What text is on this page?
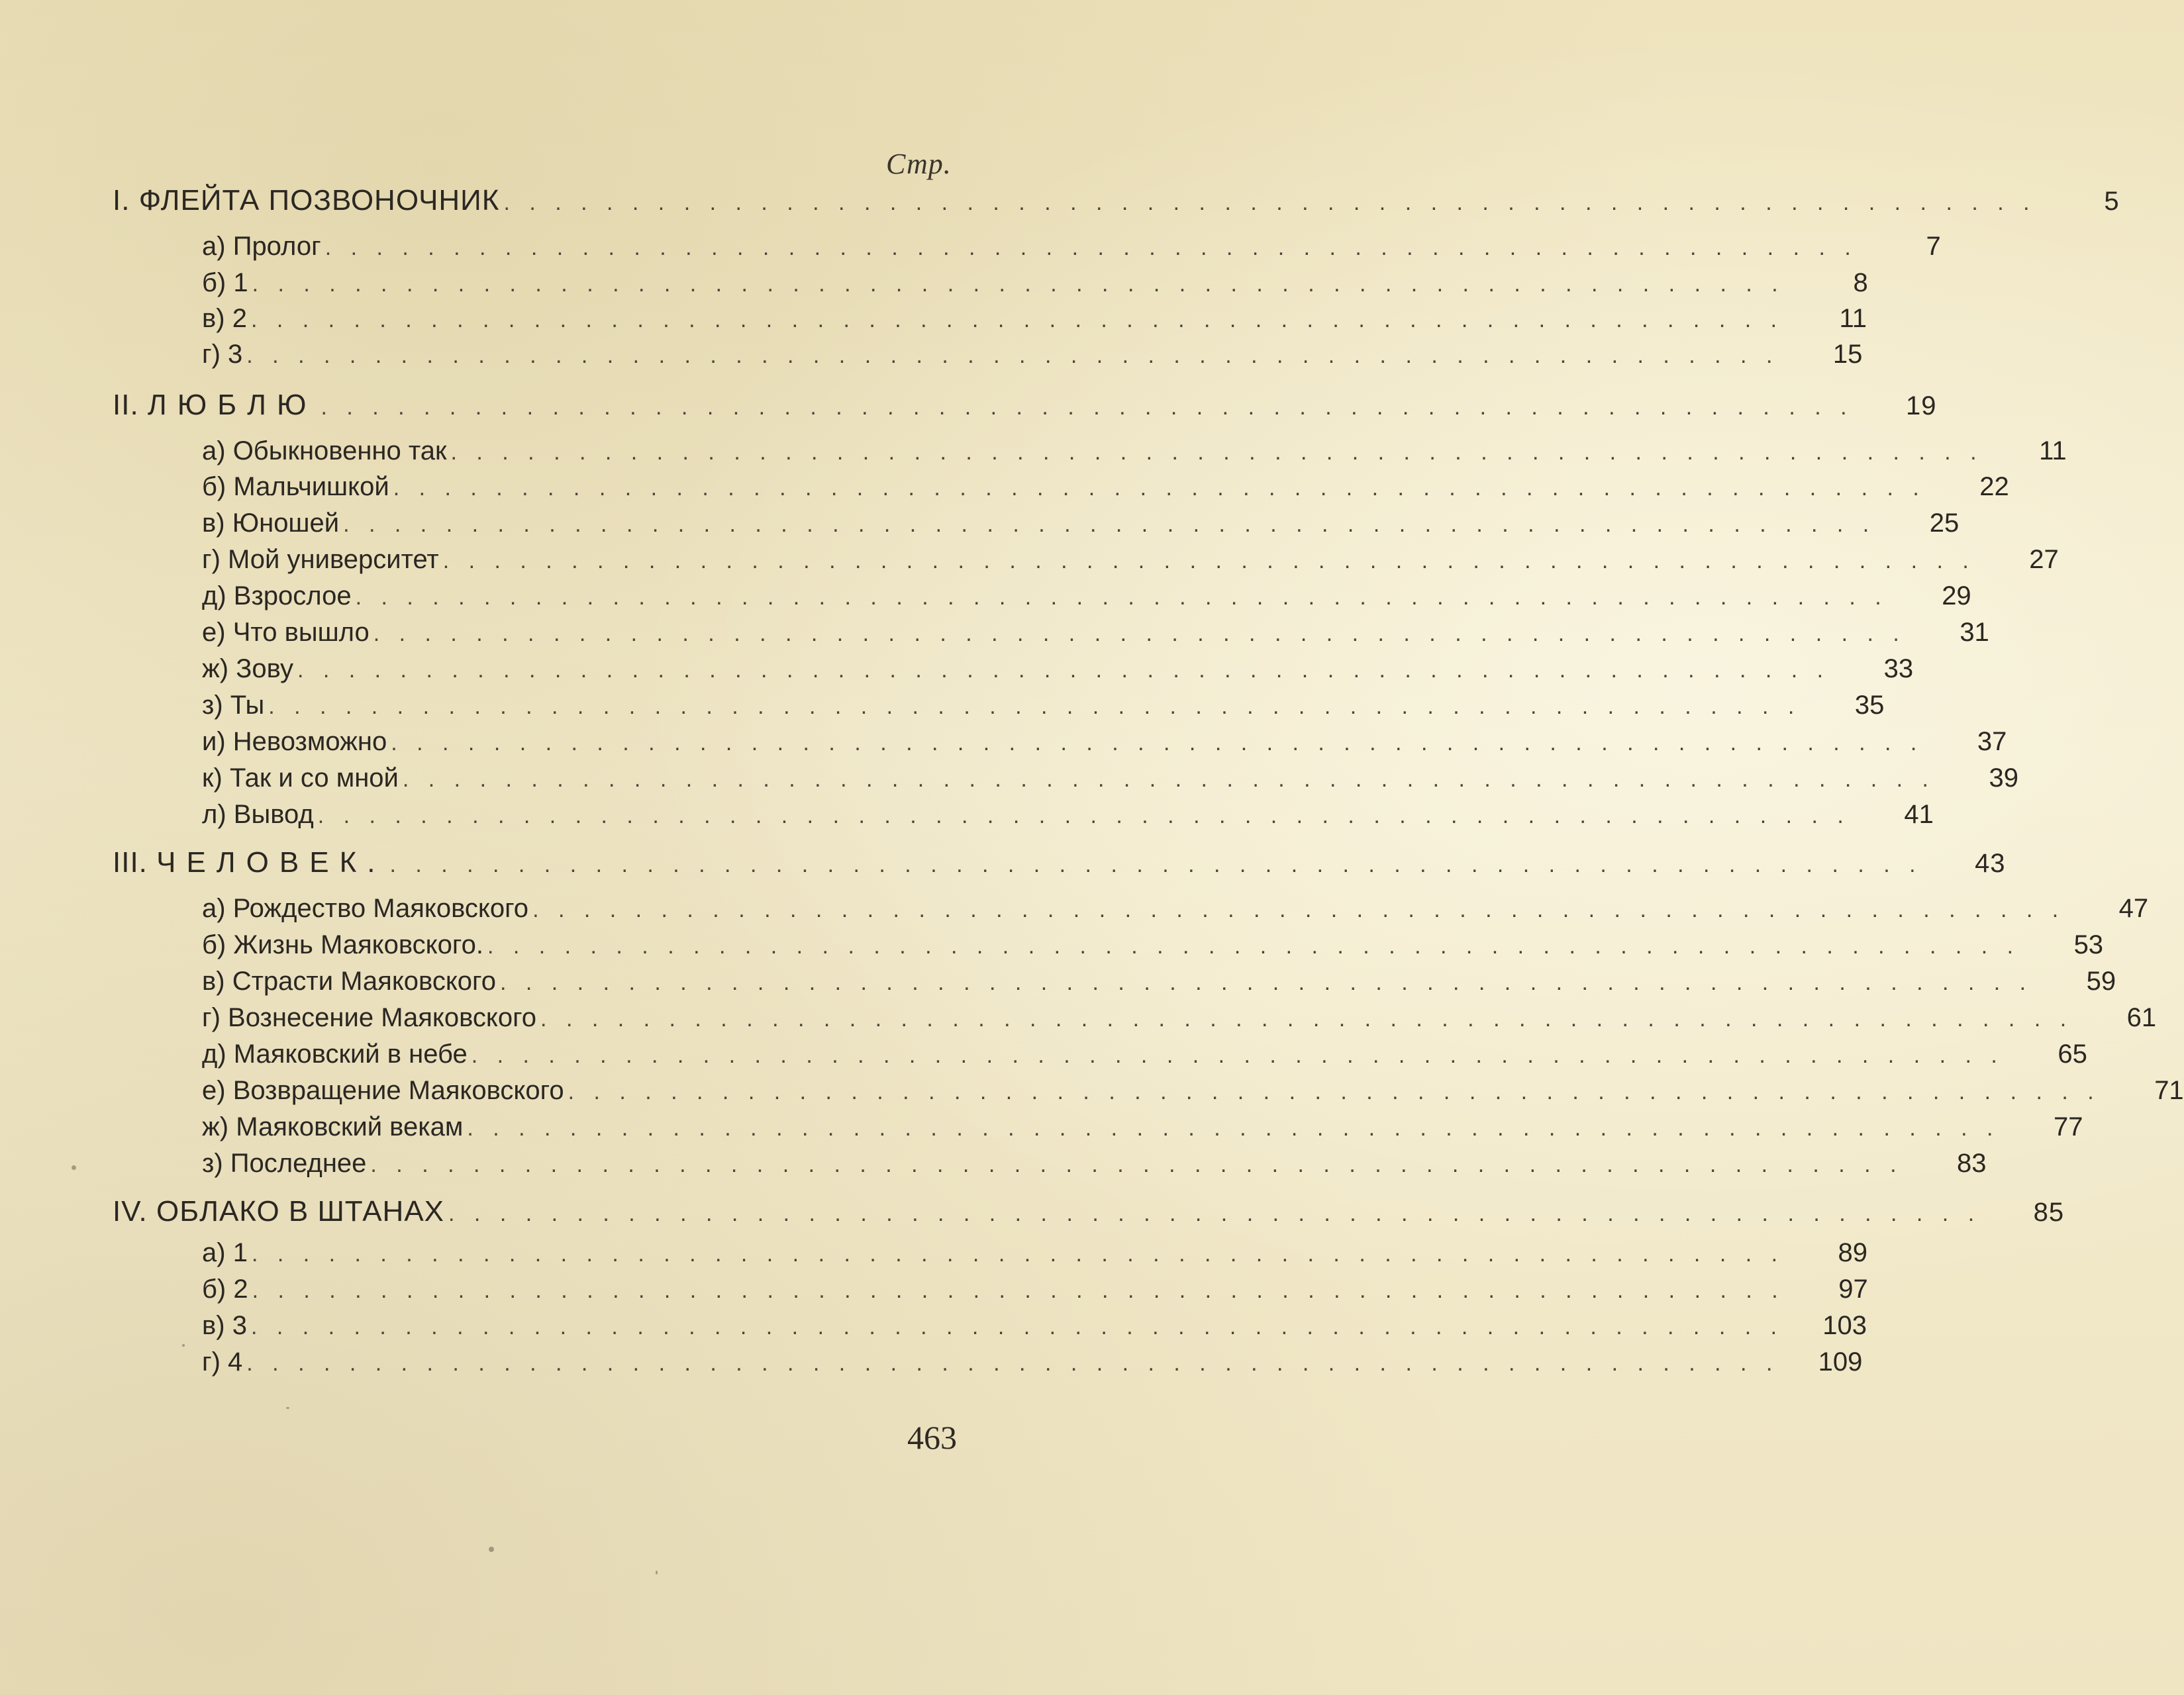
Стр.
I. ФЛЕЙТА ПОЗВОНОЧНИК . . . . . . . . . . . . . . . . . . . . . . . . . . . . . . . . . . . . . . . . . . . . . . . . . . . . . . . . . . . .	5
а) Пролог . . . . . . . . . . . . . . . . . . . . . . . . . . . . . . . . . . . . . . . . . . . . . . . . . . . . . . . . . . . .	7
б) 1 . . . . . . . . . . . . . . . . . . . . . . . . . . . . . . . . . . . . . . . . . . . . . . . . . . . . . . . . . . . .	8
в) 2 . . . . . . . . . . . . . . . . . . . . . . . . . . . . . . . . . . . . . . . . . . . . . . . . . . . . . . . . . . . .	11
г) 3 . . . . . . . . . . . . . . . . . . . . . . . . . . . . . . . . . . . . . . . . . . . . . . . . . . . . . . . . . . . .	15
II. ЛЮБЛЮ . . . . . . . . . . . . . . . . . . . . . . . . . . . . . . . . . . . . . . . . . . . . . . . . . . . . . . . . . . . .	19
а) Обыкновенно так . . . . . . . . . . . . . . . . . . . . . . . . . . . . . . . . . . . . . . . . . . . . . . . . . . . . . . . . . . . .	11
б) Мальчишкой . . . . . . . . . . . . . . . . . . . . . . . . . . . . . . . . . . . . . . . . . . . . . . . . . . . . . . . . . . . .	22
в) Юношей . . . . . . . . . . . . . . . . . . . . . . . . . . . . . . . . . . . . . . . . . . . . . . . . . . . . . . . . . . . .	25
г) Мой университет . . . . . . . . . . . . . . . . . . . . . . . . . . . . . . . . . . . . . . . . . . . . . . . . . . . . . . . . . . . .	27
д) Взрослое . . . . . . . . . . . . . . . . . . . . . . . . . . . . . . . . . . . . . . . . . . . . . . . . . . . . . . . . . . . .	29
е) Что вышло . . . . . . . . . . . . . . . . . . . . . . . . . . . . . . . . . . . . . . . . . . . . . . . . . . . . . . . . . . . .	31
ж) Зову . . . . . . . . . . . . . . . . . . . . . . . . . . . . . . . . . . . . . . . . . . . . . . . . . . . . . . . . . . . .	33
з) Ты . . . . . . . . . . . . . . . . . . . . . . . . . . . . . . . . . . . . . . . . . . . . . . . . . . . . . . . . . . . .	35
и) Невозможно . . . . . . . . . . . . . . . . . . . . . . . . . . . . . . . . . . . . . . . . . . . . . . . . . . . . . . . . . . . .	37
к) Так и со мной . . . . . . . . . . . . . . . . . . . . . . . . . . . . . . . . . . . . . . . . . . . . . . . . . . . . . . . . . . . .	39
л) Вывод . . . . . . . . . . . . . . . . . . . . . . . . . . . . . . . . . . . . . . . . . . . . . . . . . . . . . . . . . . . .	41
III. ЧЕЛОВЕК. . . . . . . . . . . . . . . . . . . . . . . . . . . . . . . . . . . . . . . . . . . . . . . . . . . . . . . . . . . . .	43
а) Рождество Маяковского . . . . . . . . . . . . . . . . . . . . . . . . . . . . . . . . . . . . . . . . . . . . . . . . . . . . . . . . . . . .	47
б) Жизнь Маяковского. . . . . . . . . . . . . . . . . . . . . . . . . . . . . . . . . . . . . . . . . . . . . . . . . . . . . . . . . . . . .	53
в) Страсти Маяковского . . . . . . . . . . . . . . . . . . . . . . . . . . . . . . . . . . . . . . . . . . . . . . . . . . . . . . . . . . . .	59
г) Вознесение Маяковского . . . . . . . . . . . . . . . . . . . . . . . . . . . . . . . . . . . . . . . . . . . . . . . . . . . . . . . . . . . .	61
д) Маяковский в небе . . . . . . . . . . . . . . . . . . . . . . . . . . . . . . . . . . . . . . . . . . . . . . . . . . . . . . . . . . . .	65
е) Возвращение Маяковского . . . . . . . . . . . . . . . . . . . . . . . . . . . . . . . . . . . . . . . . . . . . . . . . . . . . . . . . . . . .	71
ж) Маяковский векам . . . . . . . . . . . . . . . . . . . . . . . . . . . . . . . . . . . . . . . . . . . . . . . . . . . . . . . . . . . .	77
з) Последнее . . . . . . . . . . . . . . . . . . . . . . . . . . . . . . . . . . . . . . . . . . . . . . . . . . . . . . . . . . . .	83
IV. ОБЛАКО В ШТАНАХ . . . . . . . . . . . . . . . . . . . . . . . . . . . . . . . . . . . . . . . . . . . . . . . . . . . . . . . . . . . .	85
а) 1 . . . . . . . . . . . . . . . . . . . . . . . . . . . . . . . . . . . . . . . . . . . . . . . . . . . . . . . . . . . .	89
б) 2 . . . . . . . . . . . . . . . . . . . . . . . . . . . . . . . . . . . . . . . . . . . . . . . . . . . . . . . . . . . .	97
в) 3 . . . . . . . . . . . . . . . . . . . . . . . . . . . . . . . . . . . . . . . . . . . . . . . . . . . . . . . . . . . .	103
г) 4 . . . . . . . . . . . . . . . . . . . . . . . . . . . . . . . . . . . . . . . . . . . . . . . . . . . . . . . . . . . .	109
463
